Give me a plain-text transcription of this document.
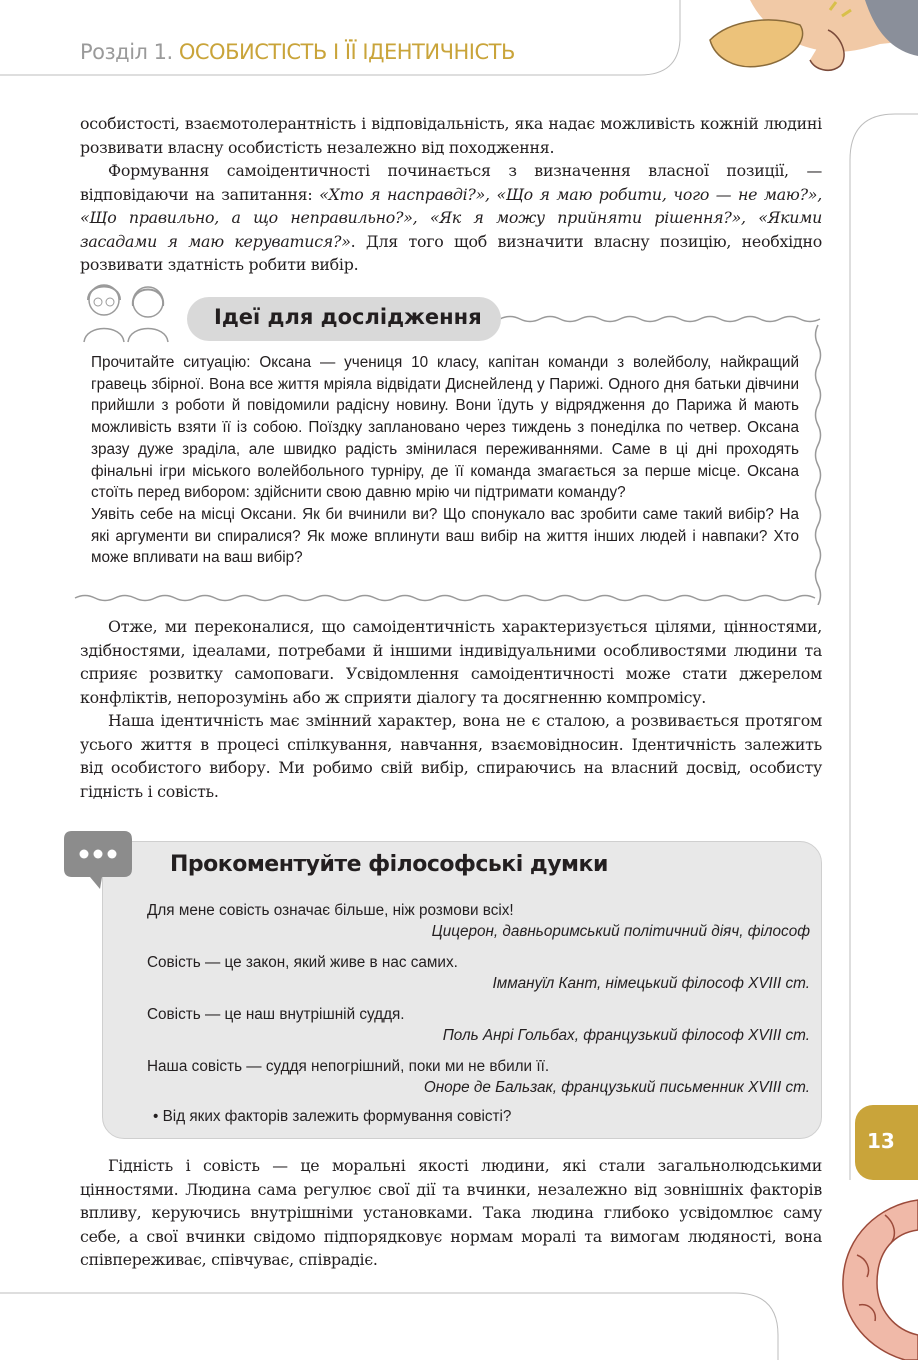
Розділ 1. ОСОБИСТІСТЬ І ЇЇ ІДЕНТИЧНІСТЬ

особистості, взаємотолерантність і відповідальність, яка надає можливість кожній людині розвивати власну особистість незалежно від походження.

Формування самоідентичності починається з визначення власної позиції, — відповідаючи на запитання: «Хто я насправді?», «Що я маю робити, чого — не маю?», «Що правильно, а що неправильно?», «Як я можу прийняти рішення?», «Якими засадами я маю керуватися?». Для того щоб визначити власну позицію, необхідно розвивати здатність робити вибір.

Ідеї для дослідження

Прочитайте ситуацію: Оксана — учениця 10 класу, капітан команди з волейболу, найкращий гравець збірної. Вона все життя мріяла відвідати Диснейленд у Парижі. Одного дня батьки дівчини прийшли з роботи й повідомили радісну новину. Вони їдуть у відрядження до Парижа й мають можливість взяти її із собою. Поїздку заплановано через тиждень з понеділка по четвер. Оксана зразу дуже зраділа, але швидко радість змінилася переживаннями. Саме в ці дні проходять фінальні ігри міського волейбольного турніру, де її команда змагається за перше місце. Оксана стоїть перед вибором: здійснити свою давню мрію чи підтримати команду?

Уявіть себе на місці Оксани. Як би вчинили ви? Що спонукало вас зробити саме такий вибір? На які аргументи ви спиралися? Як може вплинути ваш вибір на життя інших людей і навпаки? Хто може впливати на ваш вибір?

Отже, ми переконалися, що самоідентичність характеризується цілями, цінностями, здібностями, ідеалами, потребами й іншими індивідуальними особливостями людини та сприяє розвитку самоповаги. Усвідомлення самоідентичності може стати джерелом конфліктів, непорозумінь або ж сприяти діалогу та досягненню компромісу.

Наша ідентичність має змінний характер, вона не є сталою, а розвивається протягом усього життя в процесі спілкування, навчання, взаємовідносин. Ідентичність залежить від особистого вибору. Ми робимо свій вибір, спираючись на власний досвід, особисту гідність і совість.

Прокоментуйте філософські думки
Для мене совість означає більше, ніж розмови всіх!
Цицерон, давньоримський політичний діяч, філософ
Совість — це закон, який живе в нас самих.
Іммануїл Кант, німецький філософ XVIII ст.
Совість — це наш внутрішній суддя.
Поль Анрі Гольбах, французький філософ XVIII ст.
Наша совість — суддя непогрішний, поки ми не вбили її.
Оноре де Бальзак, французький письменник XVIII ст.
• Від яких факторів залежить формування совісті?
13

Гідність і совість — це моральні якості людини, які стали загальнолюдськими цінностями. Людина сама регулює свої дії та вчинки, незалежно від зовнішніх факторів впливу, керуючись внутрішніми установками. Така людина глибоко усвідомлює саму себе, а свої вчинки свідомо підпорядковує нормам моралі та вимогам людяності, вона співпереживає, співчуває, співрадіє.
